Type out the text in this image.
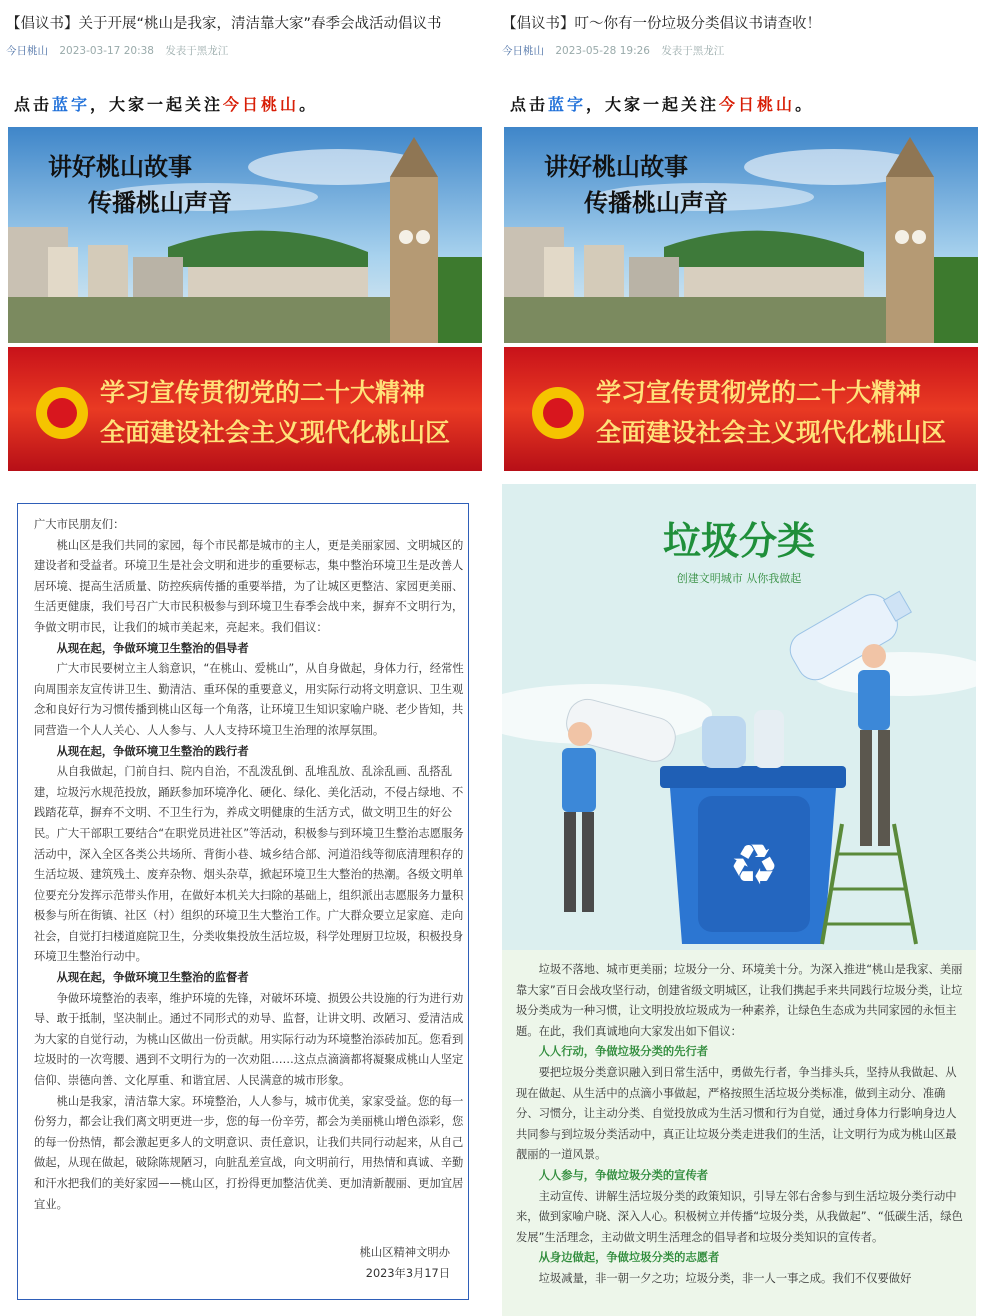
【倡议书】关于开展“桃山是我家，清洁靠大家”春季会战活动倡议书
今日桃山 2023-03-17 20:38 发表于黑龙江
点击蓝字，大家一起关注今日桃山。
讲好桃山故事
传播桃山声音
学习宣传贯彻党的二十大精神
全面建设社会主义现代化桃山区

广大市民朋友们：

桃山区是我们共同的家园，每个市民都是城市的主人，更是美丽家园、文明城区的建设者和受益者。环境卫生是社会文明和进步的重要标志，集中整治环境卫生是改善人居环境、提高生活质量、防控疾病传播的重要举措，为了让城区更整洁、家园更美丽、生活更健康，我们号召广大市民积极参与到环境卫生春季会战中来，摒弃不文明行为，争做文明市民，让我们的城市美起来，亮起来。我们倡议：

从现在起，争做环境卫生整治的倡导者

广大市民要树立主人翁意识，“在桃山、爱桃山”，从自身做起，身体力行，经常性向周围亲友宣传讲卫生、勤清洁、重环保的重要意义，用实际行动将文明意识、卫生观念和良好行为习惯传播到桃山区每一个角落，让环境卫生知识家喻户晓、老少皆知，共同营造一个人人关心、人人参与、人人支持环境卫生治理的浓厚氛围。

从现在起，争做环境卫生整治的践行者

从自我做起，门前自扫、院内自治，不乱泼乱倒、乱堆乱放、乱涂乱画、乱搭乱建，垃圾污水规范投放，踊跃参加环境净化、硬化、绿化、美化活动，不侵占绿地、不践踏花草，摒弃不文明、不卫生行为，养成文明健康的生活方式，做文明卫生的好公民。广大干部职工要结合“在职党员进社区”等活动，积极参与到环境卫生整治志愿服务活动中，深入全区各类公共场所、背街小巷、城乡结合部、河道沿线等彻底清理积存的生活垃圾、建筑残土、废弃杂物、烟头杂草，掀起环境卫生大整治的热潮。各级文明单位要充分发挥示范带头作用，在做好本机关大扫除的基础上，组织派出志愿服务力量积极参与所在街镇、社区（村）组织的环境卫生大整治工作。广大群众要立足家庭、走向社会，自觉打扫楼道庭院卫生，分类收集投放生活垃圾，科学处理厨卫垃圾，积极投身环境卫生整治行动中。

从现在起，争做环境卫生整治的监督者

争做环境整治的表率，维护环境的先锋，对破坏环境、损毁公共设施的行为进行劝导、敢于抵制，坚决制止。通过不同形式的劝导、监督，让讲文明、改陋习、爱清洁成为大家的自觉行动，为桃山区做出一份贡献。用实际行动为环境整治添砖加瓦。您看到垃圾时的一次弯腰、遇到不文明行为的一次劝阻……这点点滴滴都将凝聚成桃山人坚定信仰、崇德向善、文化厚重、和谐宜居、人民满意的城市形象。

桃山是我家，清洁靠大家。环境整治，人人参与，城市优美，家家受益。您的每一份努力，都会让我们离文明更进一步，您的每一份辛劳，都会为美丽桃山增色添彩，您的每一份热情，都会激起更多人的文明意识、责任意识，让我们共同行动起来，从自己做起，从现在做起，破除陈规陋习，向脏乱差宣战，向文明前行，用热情和真诚、辛勤和汗水把我们的美好家园——桃山区，打扮得更加整洁优美、更加清新靓丽、更加宜居宜业。

桃山区精神文明办

2023年3月17日

【倡议书】叮～你有一份垃圾分类倡议书请查收！
今日桃山 2023-05-28 19:26 发表于黑龙江
点击蓝字，大家一起关注今日桃山。
讲好桃山故事
传播桃山声音
学习宣传贯彻党的二十大精神
全面建设社会主义现代化桃山区
垃圾分类
创建文明城市 从你我做起
♻

垃圾不落地、城市更美丽；垃圾分一分、环境美十分。为深入推进“桃山是我家、美丽靠大家”百日会战攻坚行动，创建省级文明城区，让我们携起手来共同践行垃圾分类，让垃圾分类成为一种习惯，让文明投放垃圾成为一种素养，让绿色生态成为共同家园的永恒主题。在此，我们真诚地向大家发出如下倡议：

人人行动，争做垃圾分类的先行者

要把垃圾分类意识融入到日常生活中，勇做先行者，争当排头兵，坚持从我做起、从现在做起、从生活中的点滴小事做起，严格按照生活垃圾分类标准，做到主动分、准确分、习惯分，让主动分类、自觉投放成为生活习惯和行为自觉，通过身体力行影响身边人共同参与到垃圾分类活动中，真正让垃圾分类走进我们的生活，让文明行为成为桃山区最靓丽的一道风景。

人人参与，争做垃圾分类的宣传者

主动宣传、讲解生活垃圾分类的政策知识，引导左邻右舍参与到生活垃圾分类行动中来，做到家喻户晓、深入人心。积极树立并传播“垃圾分类，从我做起”、“低碳生活，绿色发展”生活理念，主动做文明生活理念的倡导者和垃圾分类知识的宣传者。

从身边做起，争做垃圾分类的志愿者

垃圾减量，非一朝一夕之功；垃圾分类，非一人一事之成。我们不仅要做好
